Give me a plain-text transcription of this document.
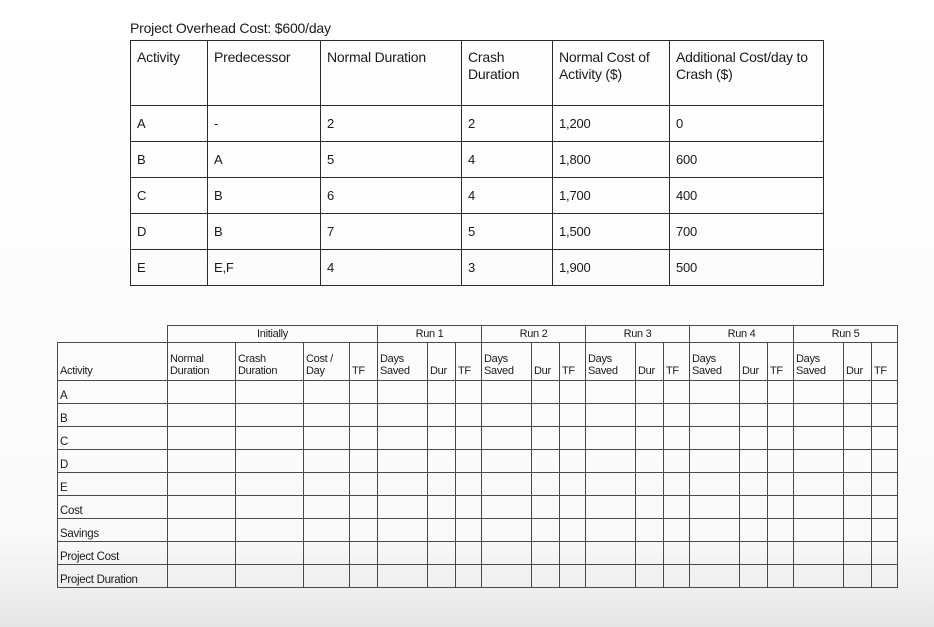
Project Overhead Cost: $600/day
Activity	Predecessor	Normal Duration	Crash Duration	Normal Cost of Activity ($)	Additional Cost/day to Crash ($)
A	-	2	2	1,200	0
B	A	5	4	1,800	600
C	B	6	4	1,700	400
D	B	7	5	1,500	700
E	E,F	4	3	1,900	500
	Initially				Run 1			Run 2			Run 3			Run 4			Run 5		
Activity	Normal Duration	Crash Duration	Cost / Day	TF	Days Saved	Dur	TF	Days Saved	Dur	TF	Days Saved	Dur	TF	Days Saved	Dur	TF	Days Saved	Dur	TF
A																			
B																			
C																			
D																			
E																			
Cost																			
Savings																			
Project Cost																			
Project Duration																			
